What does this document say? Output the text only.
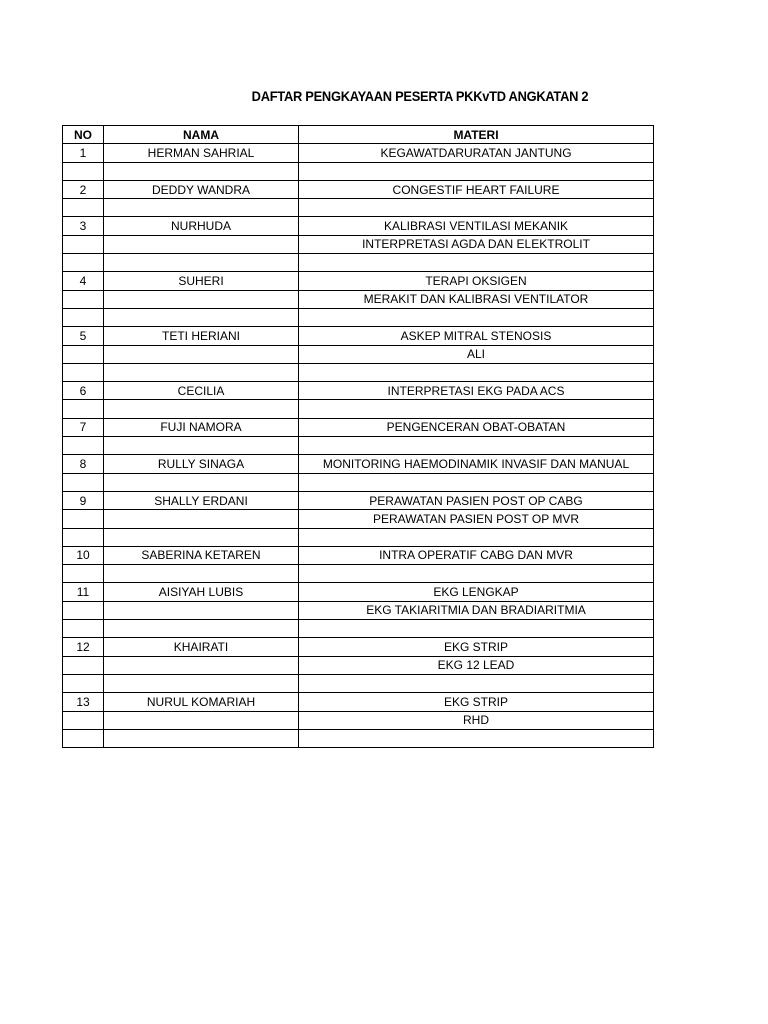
DAFTAR PENGKAYAAN PESERTA PKKvTD ANGKATAN 2
NO	NAMA	MATERI
1	HERMAN SAHRIAL	KEGAWATDARURATAN JANTUNG

2	DEDDY WANDRA	CONGESTIF HEART FAILURE

3	NURHUDA	KALIBRASI VENTILASI MEKANIK
		INTERPRETASI AGDA DAN ELEKTROLIT

4	SUHERI	TERAPI OKSIGEN
		MERAKIT DAN KALIBRASI VENTILATOR

5	TETI HERIANI	ASKEP MITRAL STENOSIS
		ALI

6	CECILIA	INTERPRETASI EKG PADA ACS

7	FUJI NAMORA	PENGENCERAN OBAT-OBATAN

8	RULLY SINAGA	MONITORING HAEMODINAMIK INVASIF DAN MANUAL

9	SHALLY ERDANI	PERAWATAN PASIEN POST OP CABG
		PERAWATAN PASIEN POST OP MVR

10	SABERINA KETAREN	INTRA OPERATIF CABG DAN MVR

11	AISIYAH LUBIS	EKG LENGKAP
		EKG TAKIARITMIA DAN BRADIARITMIA

12	KHAIRATI	EKG STRIP
		EKG 12 LEAD

13	NURUL KOMARIAH	EKG STRIP
		RHD
